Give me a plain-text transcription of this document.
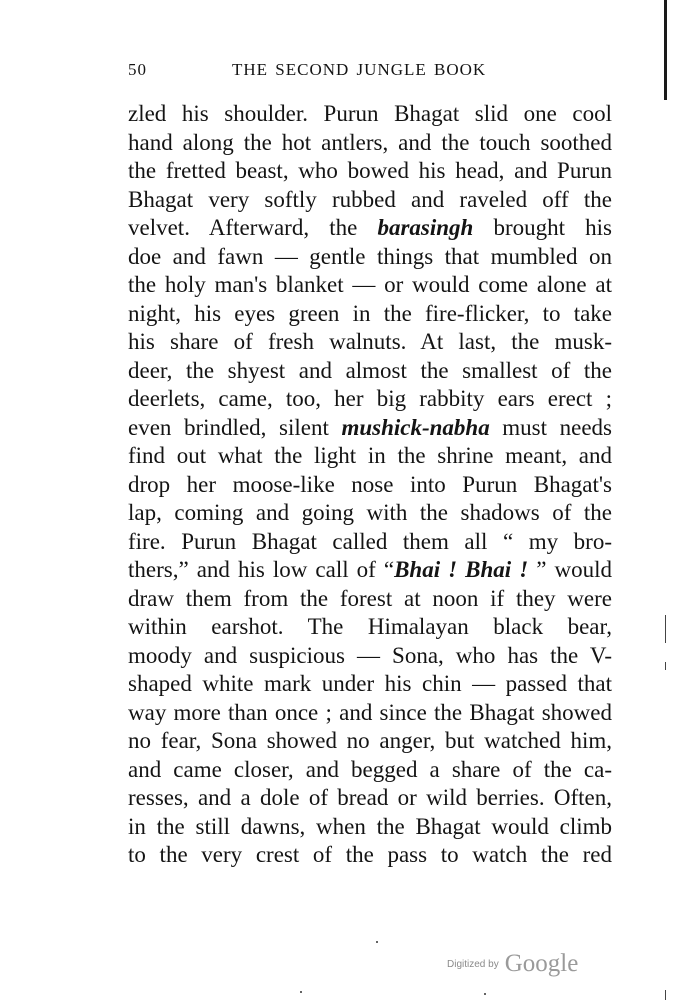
50	THE SECOND JUNGLE BOOK
zled his shoulder. Purun Bhagat slid one cool
hand along the hot antlers, and the touch soothed
the fretted beast, who bowed his head, and Purun
Bhagat very softly rubbed and raveled off the
velvet. Afterward, the barasingh brought his
doe and fawn — gentle things that mumbled on
the holy man's blanket — or would come alone at
night, his eyes green in the fire-flicker, to take
his share of fresh walnuts. At last, the musk-
deer, the shyest and almost the smallest of the
deerlets, came, too, her big rabbity ears erect ;
even brindled, silent mushick-nabha must needs
find out what the light in the shrine meant, and
drop her moose-like nose into Purun Bhagat's
lap, coming and going with the shadows of the
fire. Purun Bhagat called them all “ my bro-
thers,” and his low call of “Bhai ! Bhai ! ” would
draw them from the forest at noon if they were
within earshot. The Himalayan black bear,
moody and suspicious — Sona, who has the V-
shaped white mark under his chin — passed that
way more than once ; and since the Bhagat showed
no fear, Sona showed no anger, but watched him,
and came closer, and begged a share of the ca-
resses, and a dole of bread or wild berries. Often,
in the still dawns, when the Bhagat would climb
to the very crest of the pass to watch the red
Digitized by Google
